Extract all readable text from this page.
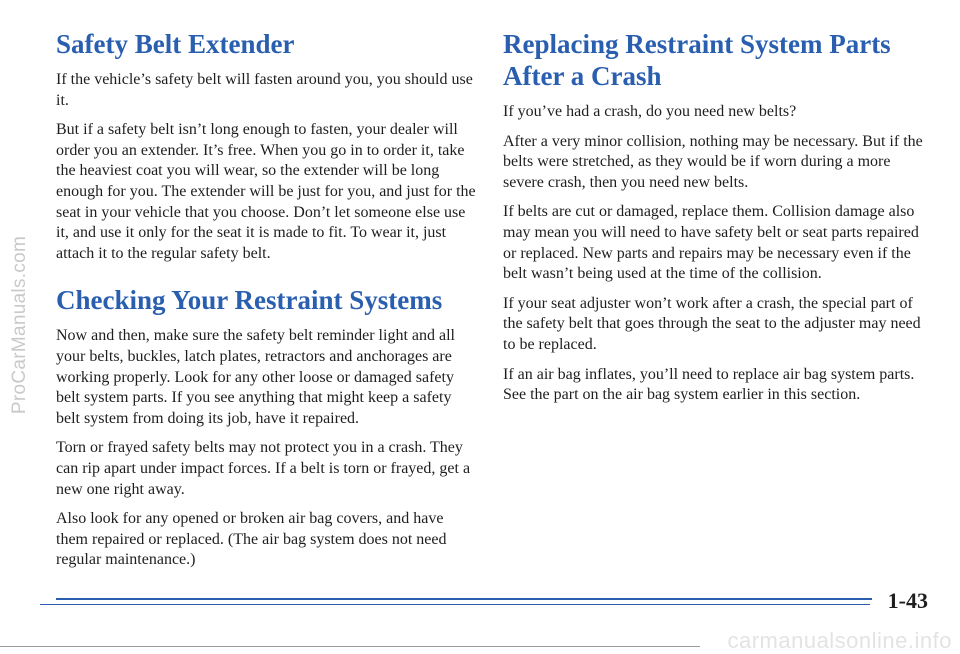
ProCarManuals.com
Safety Belt Extender

If the vehicle’s safety belt will fasten around you, you should use it.

But if a safety belt isn’t long enough to fasten, your dealer will order you an extender. It’s free. When you go in to order it, take the heaviest coat you will wear, so the extender will be long enough for you. The extender will be just for you, and just for the seat in your vehicle that you choose. Don’t let someone else use it, and use it only for the seat it is made to fit. To wear it, just attach it to the regular safety belt.

Checking Your Restraint Systems

Now and then, make sure the safety belt reminder light and all your belts, buckles, latch plates, retractors and anchorages are working properly. Look for any other loose or damaged safety belt system parts. If you see anything that might keep a safety belt system from doing its job, have it repaired.

Torn or frayed safety belts may not protect you in a crash. They can rip apart under impact forces. If a belt is torn or frayed, get a new one right away.

Also look for any opened or broken air bag covers, and have them repaired or replaced. (The air bag system does not need regular maintenance.)

Replacing Restraint System Parts After a Crash

If you’ve had a crash, do you need new belts?

After a very minor collision, nothing may be necessary. But if the belts were stretched, as they would be if worn during a more severe crash, then you need new belts.

If belts are cut or damaged, replace them. Collision damage also may mean you will need to have safety belt or seat parts repaired or replaced. New parts and repairs may be necessary even if the belt wasn’t being used at the time of the collision.

If your seat adjuster won’t work after a crash, the special part of the safety belt that goes through the seat to the adjuster may need to be replaced.

If an air bag inflates, you’ll need to replace air bag system parts. See the part on the air bag system earlier in this section.

1-43
carmanualsonline.info
